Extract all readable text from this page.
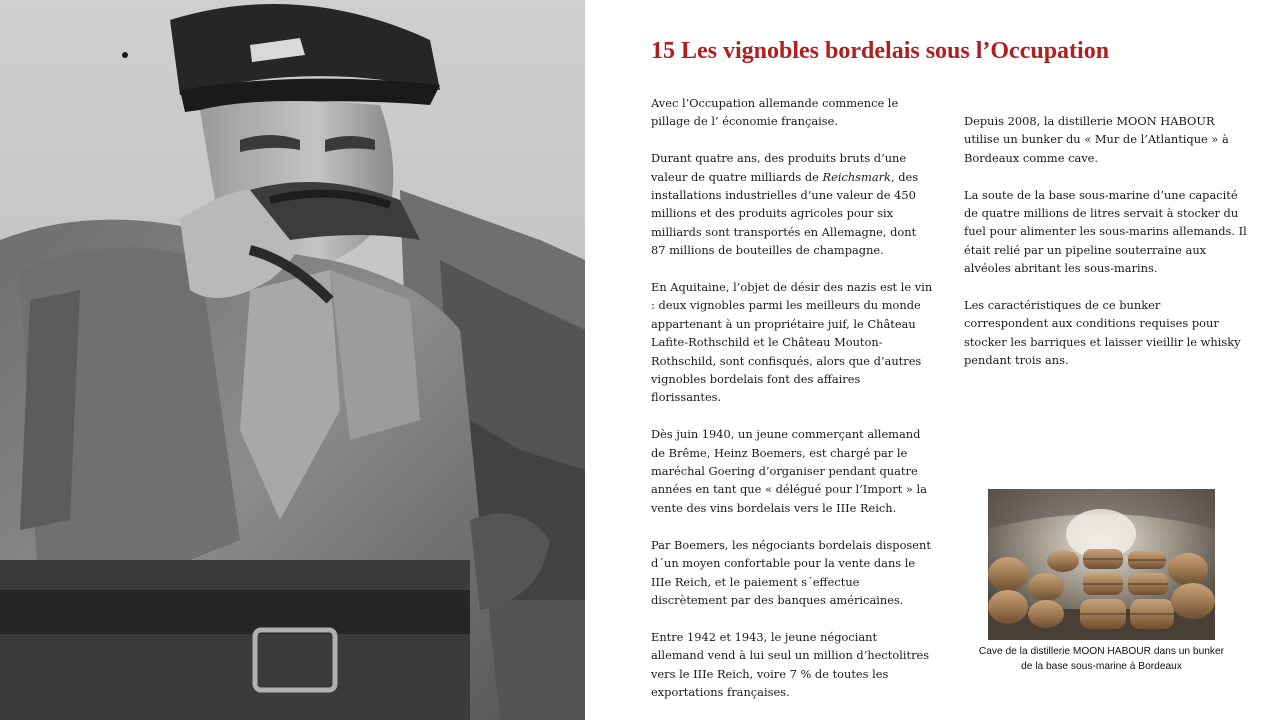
15 Les vignobles bordelais sous l’Occupation

Avec l’Occupation allemande commence le pillage de l’ économie française.

Durant quatre ans, des produits bruts d’une valeur de quatre milliards de Reichsmark, des installations industrielles d’une valeur de 450 millions et des produits agricoles pour six milliards sont transportés en Allemagne, dont 87 millions de bouteilles de champagne.

En Aquitaine, l’objet de désir des nazis est le vin : deux vignobles parmi les meilleurs du monde appartenant à un propriétaire juif, le Château Lafite-Rothschild et le Château Mouton-Rothschild, sont confisqués, alors que d’autres vignobles bordelais font des affaires florissantes.

Dès juin 1940, un jeune commerçant allemand de Brême, Heinz Boemers, est chargé par le maréchal Goering d’organiser pendant quatre années en tant que « délégué pour l’Import » la vente des vins bordelais vers le IIIe Reich.

Par Boemers, les négociants bordelais disposent d´un moyen confortable pour la vente dans le IIIe Reich, et le paiement s´effectue discrètement par des banques américaines.

Entre 1942 et 1943, le jeune négociant allemand vend à lui seul un million d’hectolitres vers le IIIe Reich, voire 7 % de toutes les exportations françaises.

Depuis 2008, la distillerie MOON HABOUR utilise un bunker du « Mur de l’Atlantique » à Bordeaux comme cave.

La soute de la base sous-marine d’une capacité de quatre millions de litres servait à stocker du fuel pour alimenter les sous-marins allemands. Il était relié par un pipeline souterraine aux alvéoles abritant les sous-marins.

Les caractéristiques de ce bunker correspondent aux conditions requises pour stocker les barriques et laisser vieillir le whisky pendant trois ans.

Cave de la distillerie MOON HABOUR dans un bunker de la base sous-marine à Bordeaux
